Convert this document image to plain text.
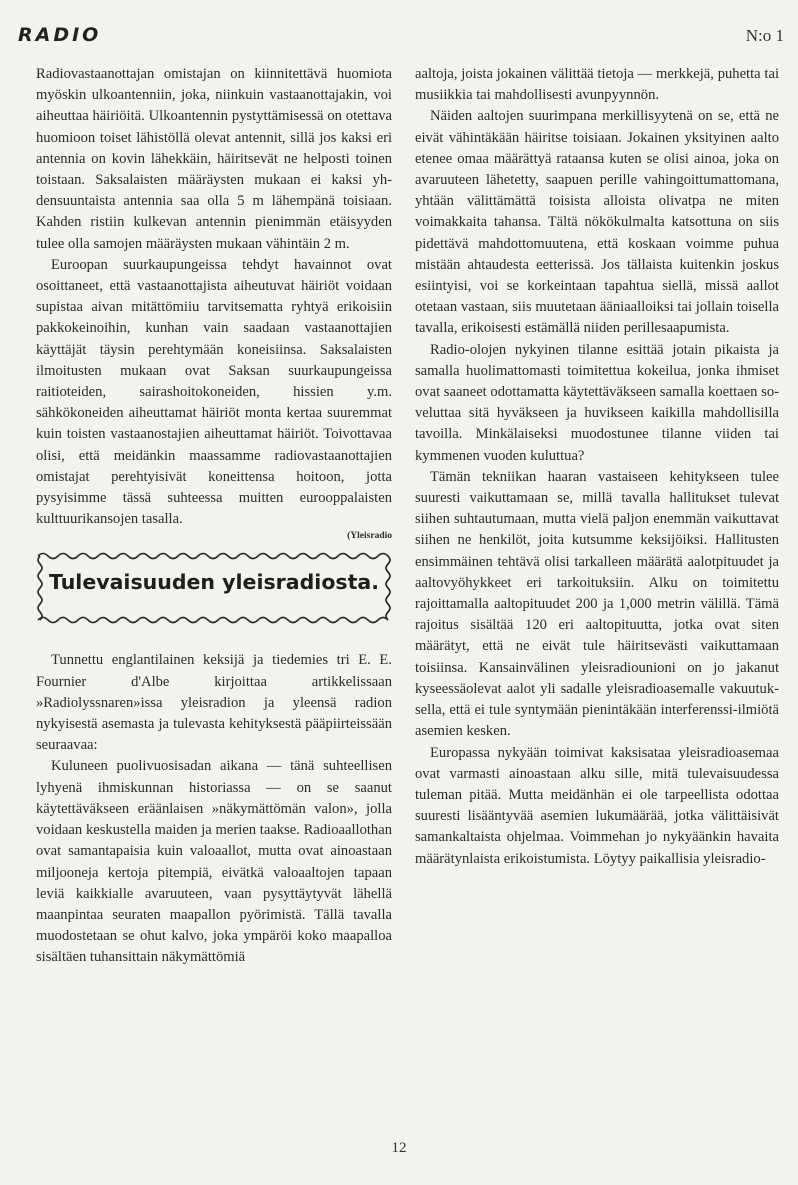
RADIO	N:o 1

Radiovastaanottajan omistajan on kiinnitettävä huomiota myöskin ulkoantenniin, joka, niinkuin vastaanottajakin, voi aiheuttaa häiriöitä. Ulkoantennin pystyttämisessä on otettava huomioon toiset lähistöllä olevat antennit, sillä jos kaksi eri antennia on kovin lähekkäin, häiritsevät ne helposti toinen toistaan. Saksalaisten määräysten mukaan ei kaksi yhdensuuntaista antennia saa olla 5 m lähempänä toisiaan. Kahden ristiin kulkevan antennin pienimmän etäisyyden tulee olla samojen määräysten mukaan vähintäin 2 m.

Euroopan suurkaupungeissa tehdyt havainnot ovat osoittaneet, että vastaanottajista aiheutuvat häiriöt voidaan supistaa aivan mitättömiiu tarvitsematta ryhtyä erikoisiin pakkokeinoihin, kunhan vain saadaan vastaanottajien käyttäjät täysin perehtymään koneisiinsa. Saksalaisten ilmoitusten mukaan ovat Saksan suurkaupungeissa raitioteiden, sairashoitokoneiden, hissien y.m. sähkökoneiden aiheuttamat häiriöt monta kertaa suuremmat kuin toisten vastaanostajien aiheuttamat häiriöt. Toivottavaa olisi, että meidänkin maassamme radiovastaanottajien omistajat perehtyisivät koneittensa hoitoon, jotta pysyisimme tässä suhteessa muitten eurooppalaisten kulttuurikansojen tasalla.

(Yleisradio
Tulevaisuuden yleisradiosta.

Tunnettu englantilainen keksijä ja tiedemies tri E. E. Fournier d'Albe kirjoittaa artikkelissaan »Radiolyssnaren»issa yleisradion ja yleensä radion nykyisestä asemasta ja tulevasta kehityksestä pääpiirteissään seuraavaa:

Kuluneen puolivuosisadan aikana — tänä suhteellisen lyhyenä ihmiskunnan historiassa — on se saanut käytettäväkseen eräänlaisen »näkymättömän valon», jolla voidaan keskustella maiden ja merien taakse. Radioaallothan ovat samantapaisia kuin valoaallot, mutta ovat ainoastaan miljooneja kertoja pitempiä, eivätkä valoaaltojen tapaan leviä kaikkialle avaruuteen, vaan pysyttäytyvät lähellä maanpintaa seuraten maapallon pyörimistä. Tällä tavalla muodostetaan se ohut kalvo, joka ympäröi koko maapalloa sisältäen tuhansittain näkymättömiä

aaltoja, joista jokainen välittää tietoja — merkkejä, puhetta tai musiikkia tai mahdollisesti avunpyynnön.

Näiden aaltojen suurimpana merkillisyytenä on se, että ne eivät vähintäkään häiritse toisiaan. Jokainen yksityinen aalto etenee omaa määrättyä rataansa kuten se olisi ainoa, joka on avaruuteen lähetetty, saapuen perille vahingoittumattomana, yhtään välittämättä toisista alloista olivatpa ne miten voimakkaita tahansa. Tältä nökökulmalta katsottuna on siis pidettävä mahdottomuutena, että koskaan voimme puhua mistään ahtaudesta eetterissä. Jos tällaista kuitenkin joskus esiintyisi, voi se korkeintaan tapahtua siellä, missä aallot otetaan vastaan, siis muutetaan ääniaalloiksi tai jollain toisella tavalla, erikoisesti estämällä niiden perillesaapumista.

Radio-olojen nykyinen tilanne esittää jotain pikaista ja samalla huolimattomasti toimitettua kokeilua, jonka ihmiset ovat saaneet odottamatta käytettäväkseen samalla koettaen soveluttaa sitä hyväkseen ja huvikseen kaikilla mahdollisilla tavoilla. Minkälaiseksi muodostunee tilanne viiden tai kymmenen vuoden kuluttua?

Tämän tekniikan haaran vastaiseen kehitykseen tulee suuresti vaikuttamaan se, millä tavalla hallitukset tulevat siihen suhtautumaan, mutta vielä paljon enemmän vaikuttavat siihen ne henkilöt, joita kutsumme keksijöiksi. Hallitusten ensimmäinen tehtävä olisi tarkalleen määrätä aalotpituudet ja aaltovyöhykkeet eri tarkoituksiin. Alku on toimitettu rajoittamalla aaltopituudet 200 ja 1,000 metrin välillä. Tämä rajoitus sisältää 120 eri aaltopituutta, jotka ovat siten määrätyt, että ne eivät tule häiritsevästi vaikuttamaan toisiinsa. Kansainvälinen yleisradiounioni on jo jakanut kyseessäolevat aalot yli sadalle yleisradioasemalle vakuutuksella, että ei tule syntymään pienintäkään interferenssi-ilmiötä asemien kesken.

Europassa nykyään toimivat kaksisataa yleisradioasemaa ovat varmasti ainoastaan alku sille, mitä tulevaisuudessa tuleman pitää. Mutta meidänhän ei ole tarpeellista odottaa suuresti lisääntyvää asemien lukumäärää, jotka välittäisivät samankaltaista ohjelmaa. Voimmehan jo nykyäänkin havaita määrätynlaista erikoistumista. Löytyy paikallisia yleisradio-

12
